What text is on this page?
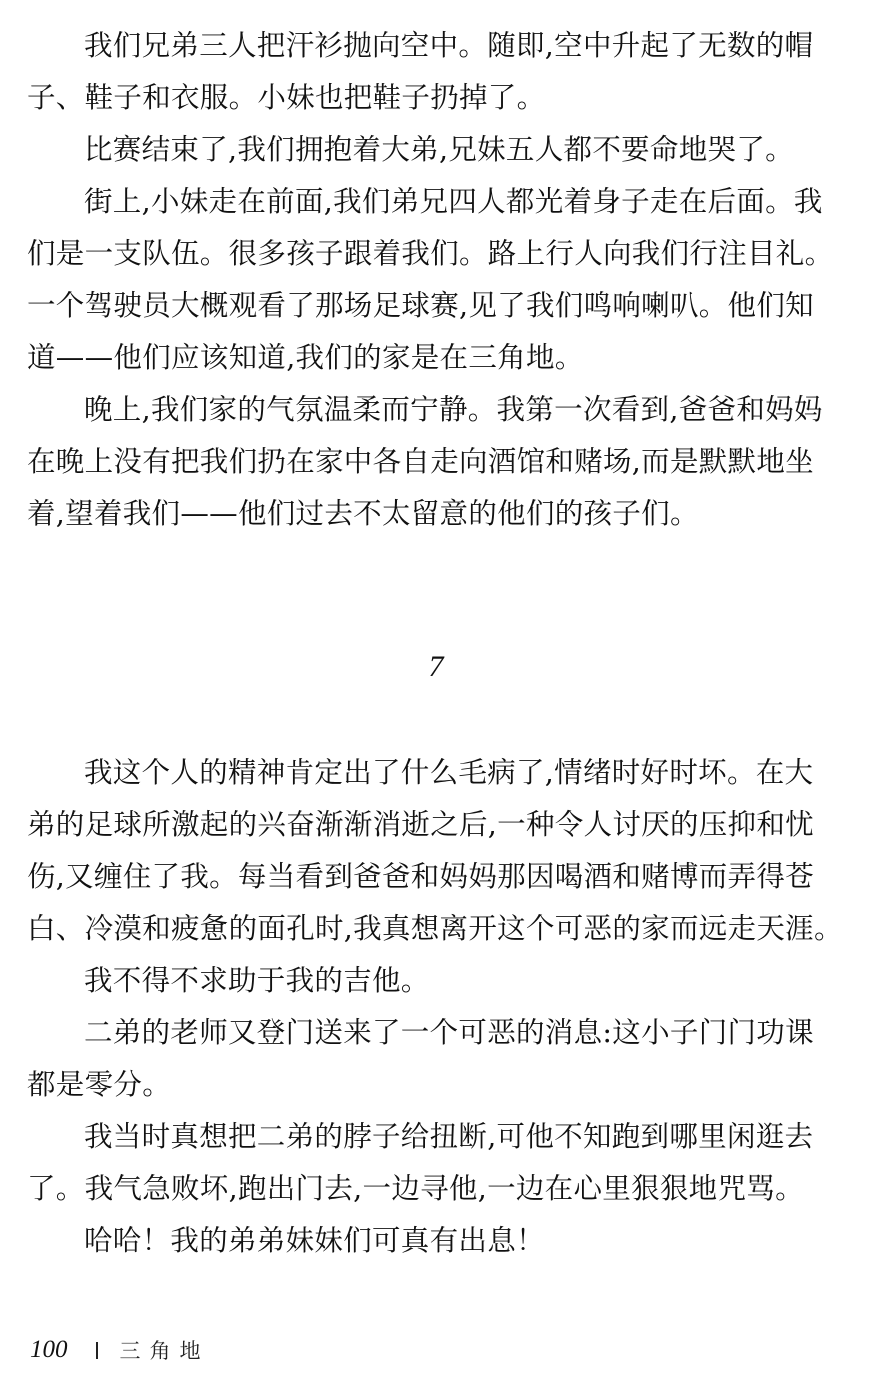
我们兄弟三人把汗衫抛向空中。随即,空中升起了无数的帽
子、鞋子和衣服。小妹也把鞋子扔掉了。
比赛结束了,我们拥抱着大弟,兄妹五人都不要命地哭了。
街上,小妹走在前面,我们弟兄四人都光着身子走在后面。我
们是一支队伍。很多孩子跟着我们。路上行人向我们行注目礼。
一个驾驶员大概观看了那场足球赛,见了我们鸣响喇叭。他们知
道——他们应该知道,我们的家是在三角地。
晚上,我们家的气氛温柔而宁静。我第一次看到,爸爸和妈妈
在晚上没有把我们扔在家中各自走向酒馆和赌场,而是默默地坐
着,望着我们——他们过去不太留意的他们的孩子们。
7
我这个人的精神肯定出了什么毛病了,情绪时好时坏。在大
弟的足球所激起的兴奋渐渐消逝之后,一种令人讨厌的压抑和忧
伤,又缠住了我。每当看到爸爸和妈妈那因喝酒和赌博而弄得苍
白、冷漠和疲惫的面孔时,我真想离开这个可恶的家而远走天涯。
我不得不求助于我的吉他。
二弟的老师又登门送来了一个可恶的消息:这小子门门功课
都是零分。
我当时真想把二弟的脖子给扭断,可他不知跑到哪里闲逛去
了。我气急败坏,跑出门去,一边寻他,一边在心里狠狠地咒骂。
哈哈！我的弟弟妹妹们可真有出息！
100 三角地
